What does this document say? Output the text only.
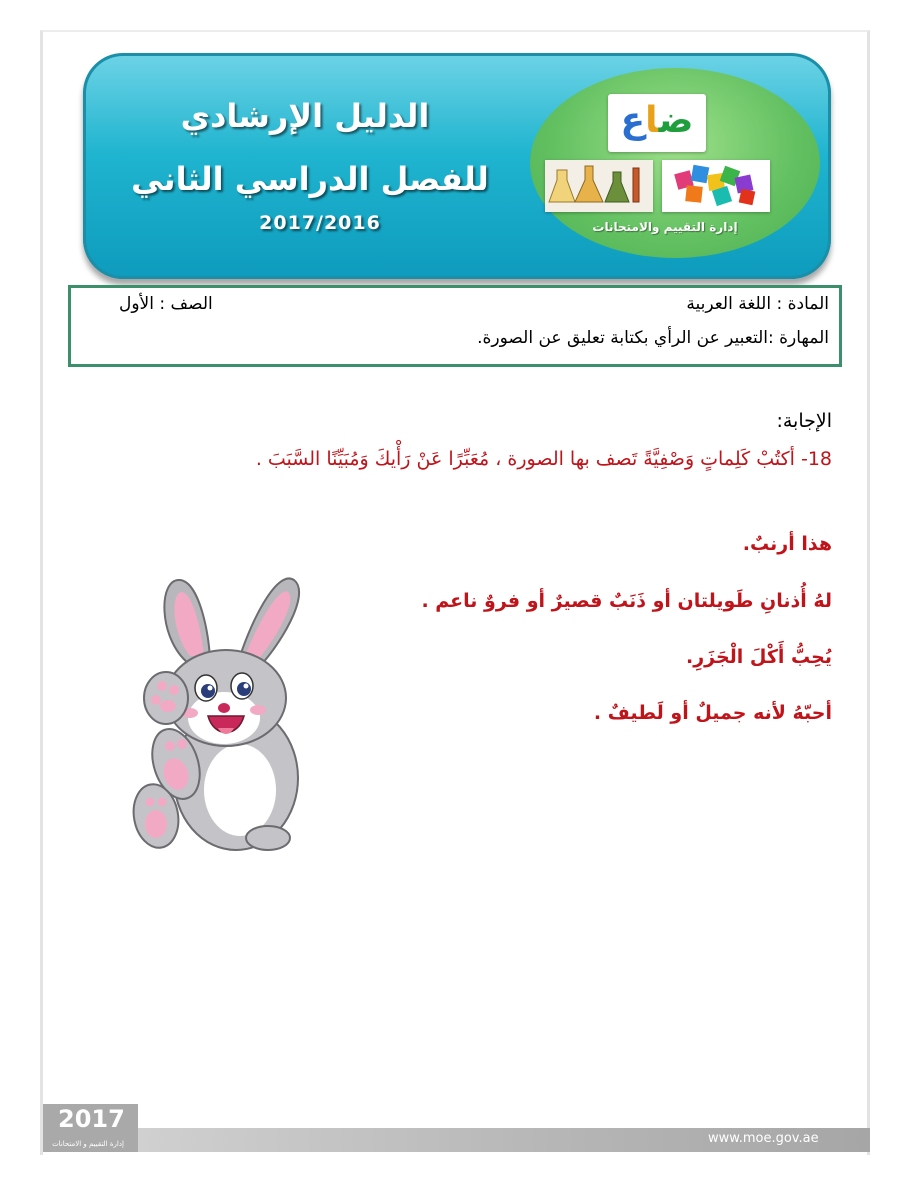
الدليل الإرشادي
للفصل الدراسي الثاني
2017/2016
ضاع
إدارة التقييم والامتحانات
المادة : اللغة العربية
الصف : الأول
المهارة :التعبير عن الرأي بكتابة تعليق عن الصورة.
الإجابة:
18- أكتُبْ كَلِماتٍ وَصْفِيَّةً تَصف بها الصورة ، مُعَبِّرًا عَنْ رَأْيكَ وَمُبَيِّنًا السَّبَبَ .
هذا أرنبٌ.
لهُ أُذنانِ طَويلتان أو ذَنَبٌ قصيرٌ أو فروٌ ناعم .
يُحِبُّ أَكْلَ الْجَزَرِ.
أحبّهُ لأنه جميلٌ أو لَطيفٌ .
2017
إدارة التقييم و الامتحانات	www.moe.gov.ae
